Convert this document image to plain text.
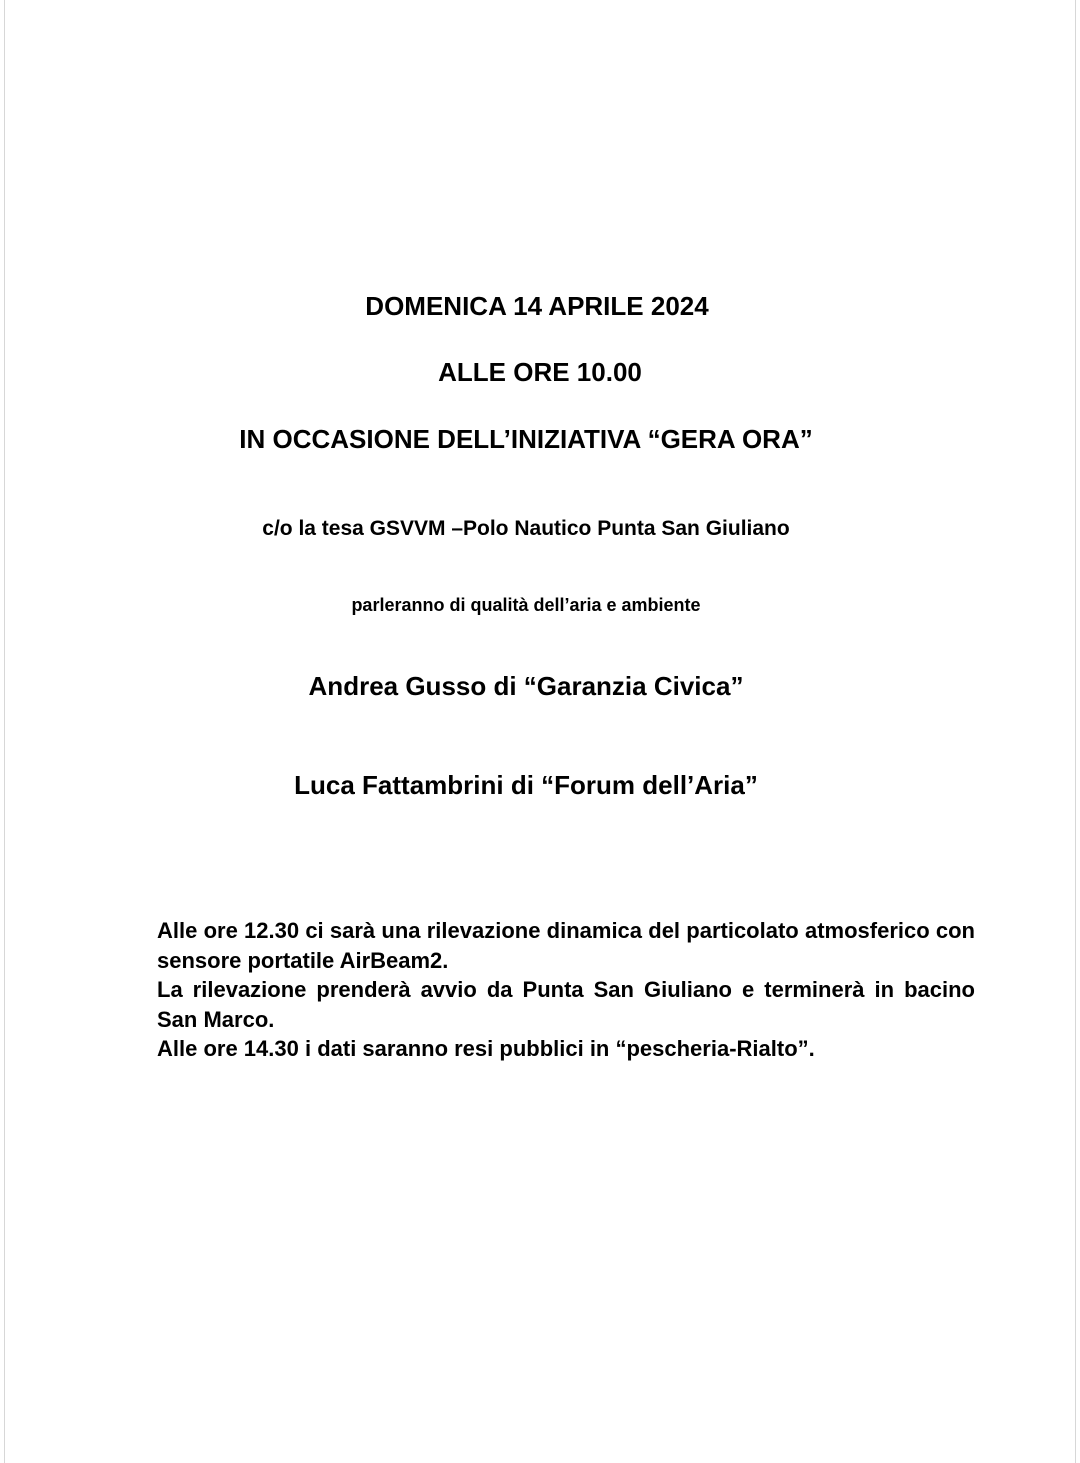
DOMENICA 14 APRILE 2024
ALLE ORE 10.00
IN OCCASIONE DELL’INIZIATIVA “GERA ORA”
c/o la tesa GSVVM –Polo Nautico Punta San Giuliano
parleranno di qualità dell’aria e ambiente
Andrea Gusso di “Garanzia Civica”
Luca Fattambrini di “Forum dell’Aria”
Alle ore 12.30 ci sarà una rilevazione dinamica del particolato atmosferico con sensore portatile AirBeam2.
La rilevazione prenderà avvio da Punta San Giuliano e terminerà in bacino San Marco.
Alle ore 14.30 i dati saranno resi pubblici in “pescheria-Rialto”.
